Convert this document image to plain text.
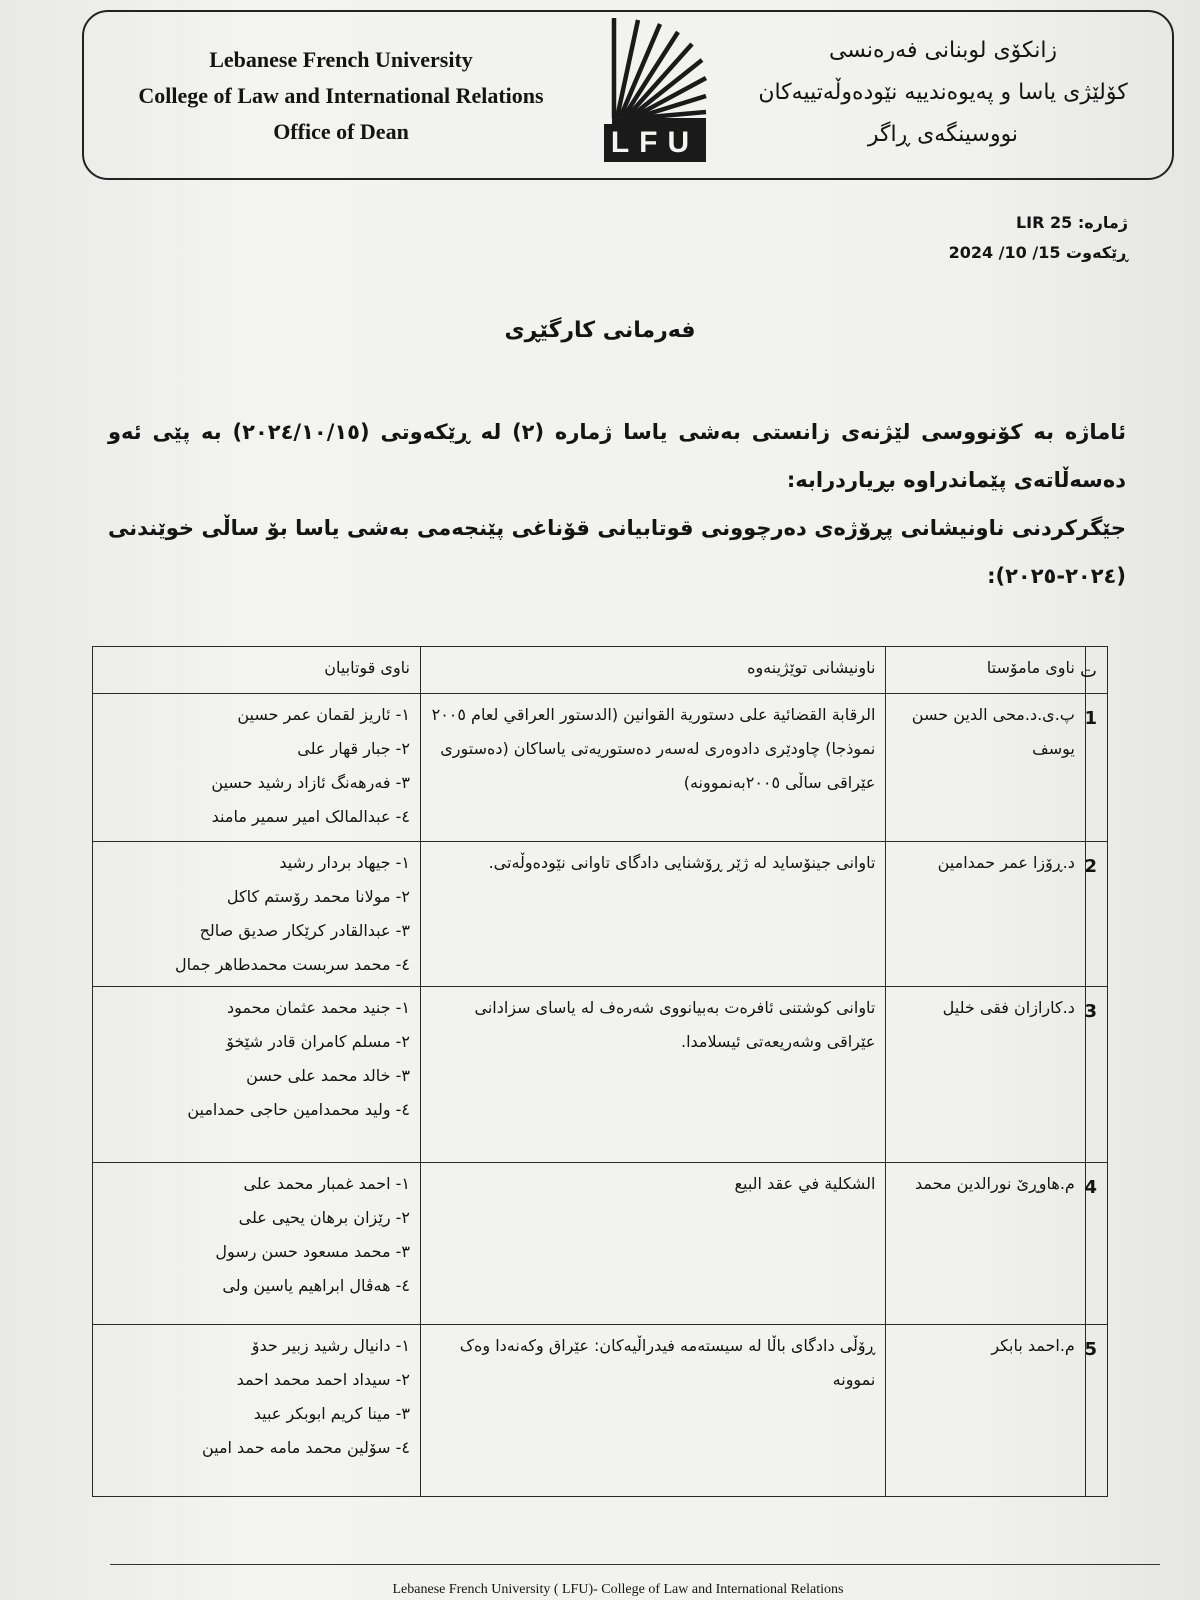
Lebanese French University
College of Law and International Relations
Office of Dean	LFU
زانکۆی لوبنانی فەرەنسی
کۆلێژی یاسا و پەیوەندییە نێودەوڵەتییەکان
نووسینگەی ڕاگر
ژمارە: LIR 25
ڕێکەوت 15/ 10/ 2024
فەرمانی کارگێڕی

ئاماژە بە کۆنووسی لێژنەی زانستی بەشی یاسا ژمارە (٢) لە ڕێکەوتی (٢٠٢٤/١٠/١٥) بە پێی ئەو دەسەڵاتەی پێماندراوە بڕیاردرابە:

جێگرکردنی ناونیشانی پڕۆژەی دەرچوونی قوتابیانی قۆناغی پێنجەمی بەشی یاسا بۆ ساڵی خوێندنی (٢٠٢٤-٢٠٢٥):

ت	ناوی مامۆستا	ناونیشانی توێژینەوە	ناوی قوتابیان
1	پ.ی.د.محی الدين حسن يوسف	الرقابة القضائية على دستورية القوانين (الدستور العراقي لعام ٢٠٠٥ نموذجا) چاودێری دادوەری لەسەر دەستوریەتی یاساکان (دەستوری عێراقی ساڵی ٢٠٠٥بەنموونە)	١- ئاریز لقمان عمر حسين
٢- جبار قهار علی
٣- فەرهەنگ ئازاد رشید حسین
٤- عبدالمالک امیر سمیر مامند

2	د.ڕۆزا عمر حمدامين	تاوانی جینۆساید لە ژێر ڕۆشنایی دادگای تاوانی نێودەوڵەتی.	١- جیهاد بردار رشيد
٢- مولانا محمد رۆستم کاکل
٣- عبدالقادر کرێکار صدیق صالح
٤- محمد سربست محمدطاهر جمال

3	د.کارازان فقی خليل	تاوانی کوشتنی ئافرەت بەبیانووی شەرەف لە یاسای سزادانی عێراقی وشەریعەتی ئیسلامدا.	١- جنيد محمد عثمان محمود
٢- مسلم کامران قادر شێخۆ
٣- خالد محمد علی حسن
٤- وليد محمدامين حاجی حمدامين

4	م.هاوڕێ نورالدين محمد	الشكلية في عقد البيع	١- احمد غمبار محمد علی
٢- رێزان برهان يحيی علی
٣- محمد مسعود حسن رسول
٤- هەڤال ابراهيم ياسين ولی

5	م.احمد بابکر	ڕۆڵی دادگای باڵا لە سیستەمە فیدراڵیەکان: عێراق وکەنەدا وەک نموونە	١- دانيال رشيد زبير حدۆ
٢- سيداد احمد محمد احمد
٣- مينا کريم ابوبکر عبيد
٤- سۆلين محمد مامە حمد امين
Lebanese French University ( LFU)- College of Law and International Relations
